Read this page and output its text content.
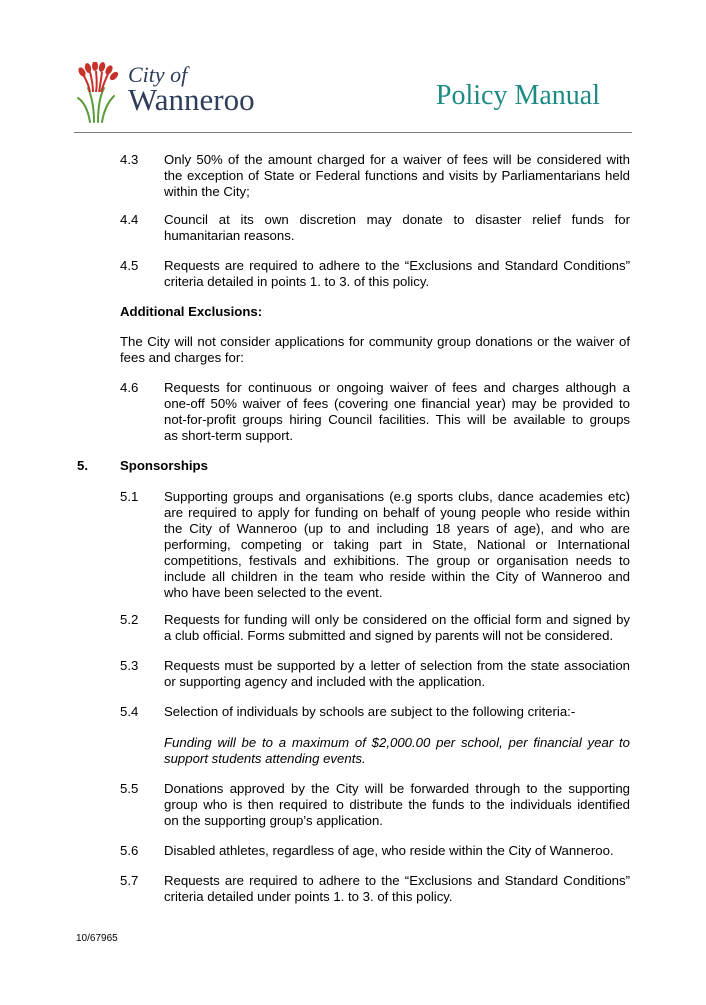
City of
Wanneroo	Policy Manual
4.3	Only 50% of the amount charged for a waiver of fees will be considered with
the exception of State or Federal functions and visits by Parliamentarians held
within the City;
4.4	Council at its own discretion may donate to disaster relief funds for
humanitarian reasons.
4.5	Requests are required to adhere to the “Exclusions and Standard Conditions”
criteria detailed in points 1. to 3. of this policy.
Additional Exclusions:
The City will not consider applications for community group donations or the waiver of
fees and charges for:
4.6	Requests for continuous or ongoing waiver of fees and charges although a
one-off 50% waiver of fees (covering one financial year) may be provided to
not-for-profit groups hiring Council facilities. This will be available to groups
as short-term support.
5. Sponsorships
5.1	Supporting groups and organisations (e.g sports clubs, dance academies etc)
are required to apply for funding on behalf of young people who reside within
the City of Wanneroo (up to and including 18 years of age), and who are
performing, competing or taking part in State, National or International
competitions, festivals and exhibitions. The group or organisation needs to
include all children in the team who reside within the City of Wanneroo and
who have been selected to the event.
5.2	Requests for funding will only be considered on the official form and signed by
a club official. Forms submitted and signed by parents will not be considered.
5.3	Requests must be supported by a letter of selection from the state association
or supporting agency and included with the application.
5.4	Selection of individuals by schools are subject to the following criteria:-
Funding will be to a maximum of $2,000.00 per school, per financial year to
support students attending events.
5.5	Donations approved by the City will be forwarded through to the supporting
group who is then required to distribute the funds to the individuals identified
on the supporting group’s application.
5.6	Disabled athletes, regardless of age, who reside within the City of Wanneroo.
5.7	Requests are required to adhere to the “Exclusions and Standard Conditions”
criteria detailed under points 1. to 3. of this policy.
10/67965
